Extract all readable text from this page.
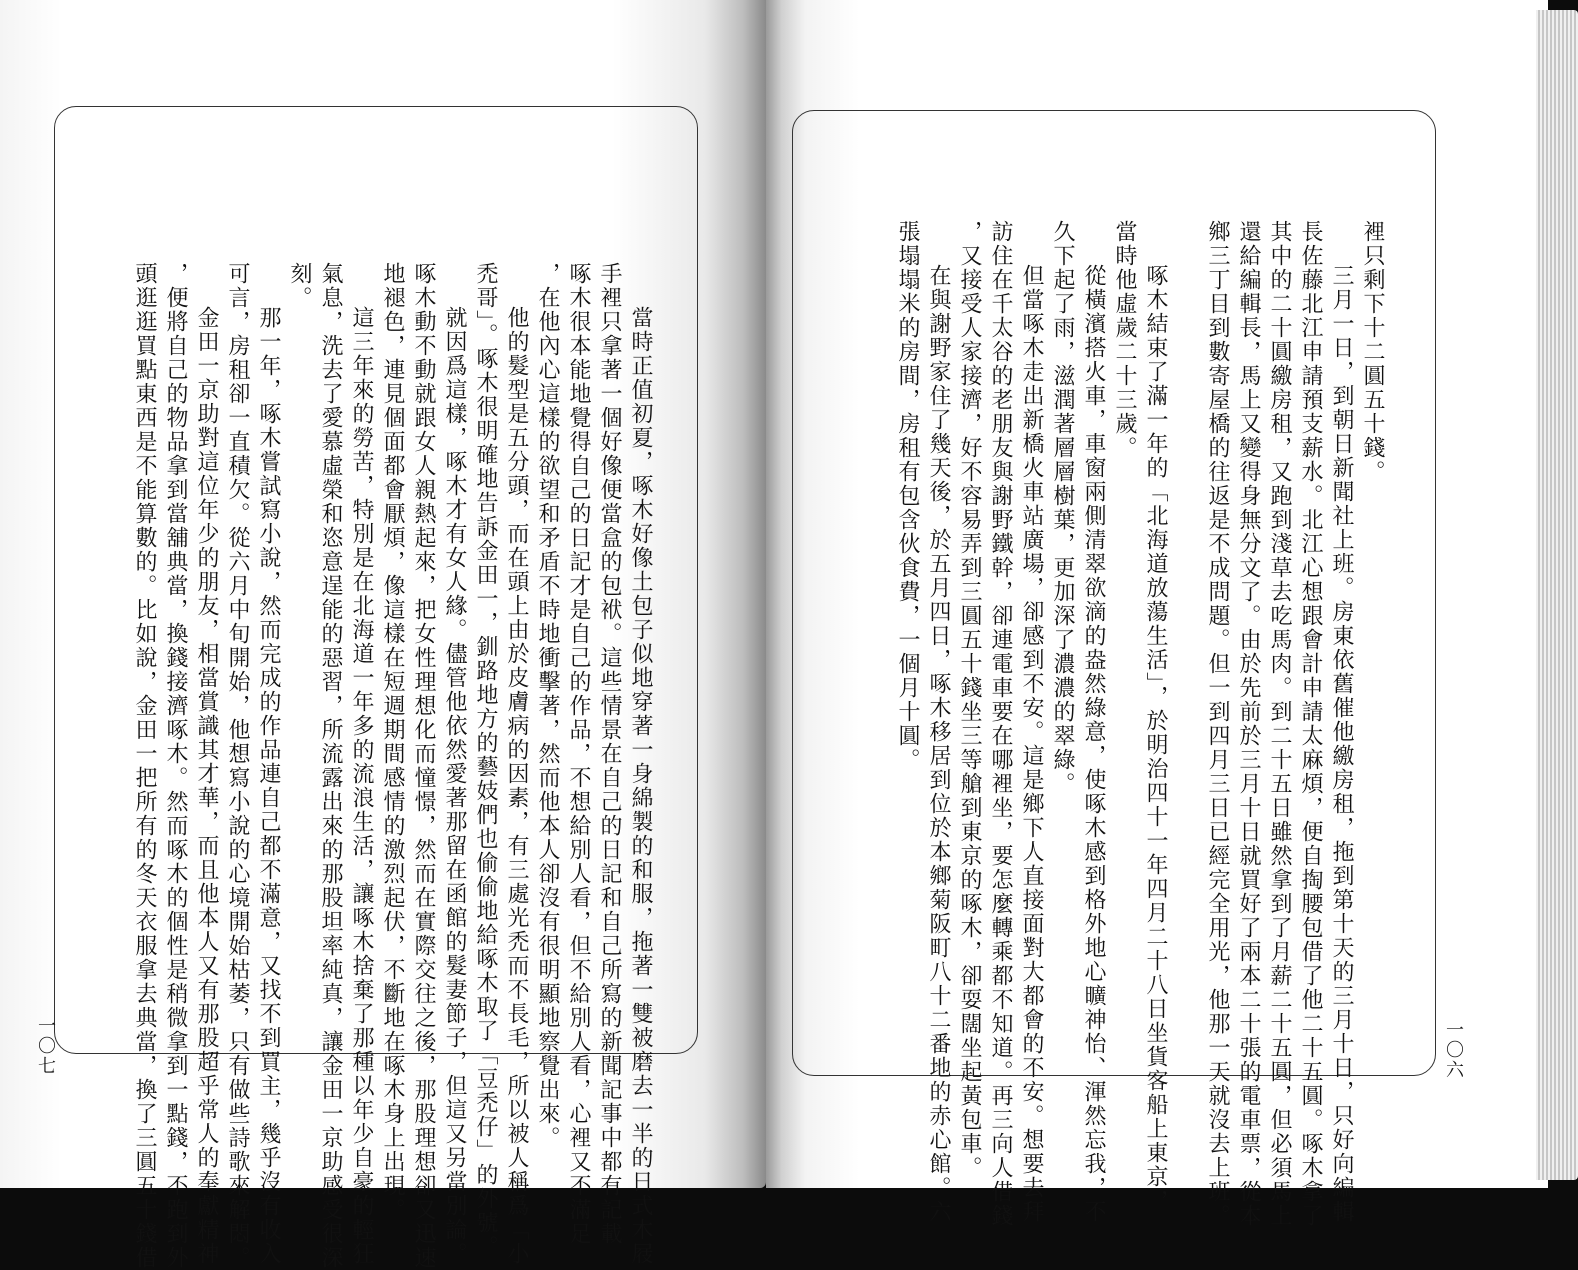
當時正值初夏，啄木好像土包子似地穿著一身綿製的和服，拖著一雙被磨去一半的日式木屐

手裡只拿著一個好像便當盒的包袱。這些情景在自己的日記和自己所寫的新聞記事中都有記載

啄木很本能地覺得自己的日記才是自己的作品，不想給別人看，但不給別人看，心裡又不滿足

，在他內心這樣的欲望和矛盾不時地衝擊著，然而他本人卻沒有很明顯地察覺出來。

他的髮型是五分頭，而在頭上由於皮膚病的因素，有三處光禿而不長毛，所以被人稱爲「小

禿哥」。啄木很明確地告訴金田一，釧路地方的藝妓們也偷偷地給啄木取了「豆禿仔」的外號。

就因爲這樣，啄木才有女人緣。儘管他依然愛著那留在函館的髮妻節子，但這又另當別論。

啄木動不動就跟女人親熱起來，把女性理想化而憧憬，然而在實際交往之後，那股理想卻又迅速

地褪色，連見個面都會厭煩，像這樣在短週期間感情的激烈起伏，不斷地在啄木身上出現。

這三年來的勞苦，特別是在北海道一年多的流浪生活，讓啄木捨棄了那種以年少自豪的輕狂

氣息，洗去了愛慕虛榮和恣意逞能的惡習，所流露出來的那股坦率純真，讓金田一京助感受很深

刻。

那一年，啄木嘗試寫小說，然而完成的作品連自己都不滿意，又找不到買主，幾乎沒有收入

可言，房租卻一直積欠。從六月中旬開始，他想寫小說的心境開始枯萎，只有做些詩歌來解悶。

金田一京助對這位年少的朋友，相當賞識其才華，而且他本人又有那股超乎常人的奉獻精神

，便將自己的物品拿到當舖典當，換錢接濟啄木。然而啄木的個性是稍微拿到一點錢，不跑到外

頭逛逛買點東西是不能算數的。比如說，金田一把所有的冬天衣服拿去典當，換了三圓五十錢借	裡只剩下十二圓五十錢。

三月一日，到朝日新聞社上班。房東依舊催他繳房租，拖到第十天的三月十日，只好向編輯

長佐藤北江申請預支薪水。北江心想跟會計申請太麻煩，便自掏腰包借了他二十五圓。啄木拿了

其中的二十圓繳房租，又跑到淺草去吃馬肉。到二十五日雖然拿到了月薪二十五圓，但必須馬上

還給編輯長，馬上又變得身無分文了。由於先前於三月十日就買好了兩本二十張的電車票，從本

鄉三丁目到數寄屋橋的往返是不成問題。但一到四月三日已經完全用光，他那一天就沒去上班。

啄木結束了滿一年的「北海道放蕩生活」，於明治四十一年四月二十八日坐貨客船上東京，

當時他虛歲二十三歲。

從橫濱搭火車，車窗兩側清翠欲滴的盎然綠意，使啄木感到格外地心曠神怡、渾然忘我，不

久下起了雨，滋潤著層層樹葉，更加深了濃濃的翠綠。

但當啄木走出新橋火車站廣場，卻感到不安。這是鄉下人直接面對大都會的不安。想要去拜

訪住在千太谷的老朋友與謝野鐵幹，卻連電車要在哪裡坐，要怎麼轉乘都不知道。再三向人借錢

，又接受人家接濟，好不容易弄到三圓五十錢坐三等艙到東京的啄木，卻耍闊坐起黃包車。

在與謝野家住了幾天後，於五月四日，啄木移居到位於本鄉菊阪町八十二番地的赤心館。六

張塌塌米的房間，房租有包含伙食費，一個月十圓。

一〇七	一〇六
